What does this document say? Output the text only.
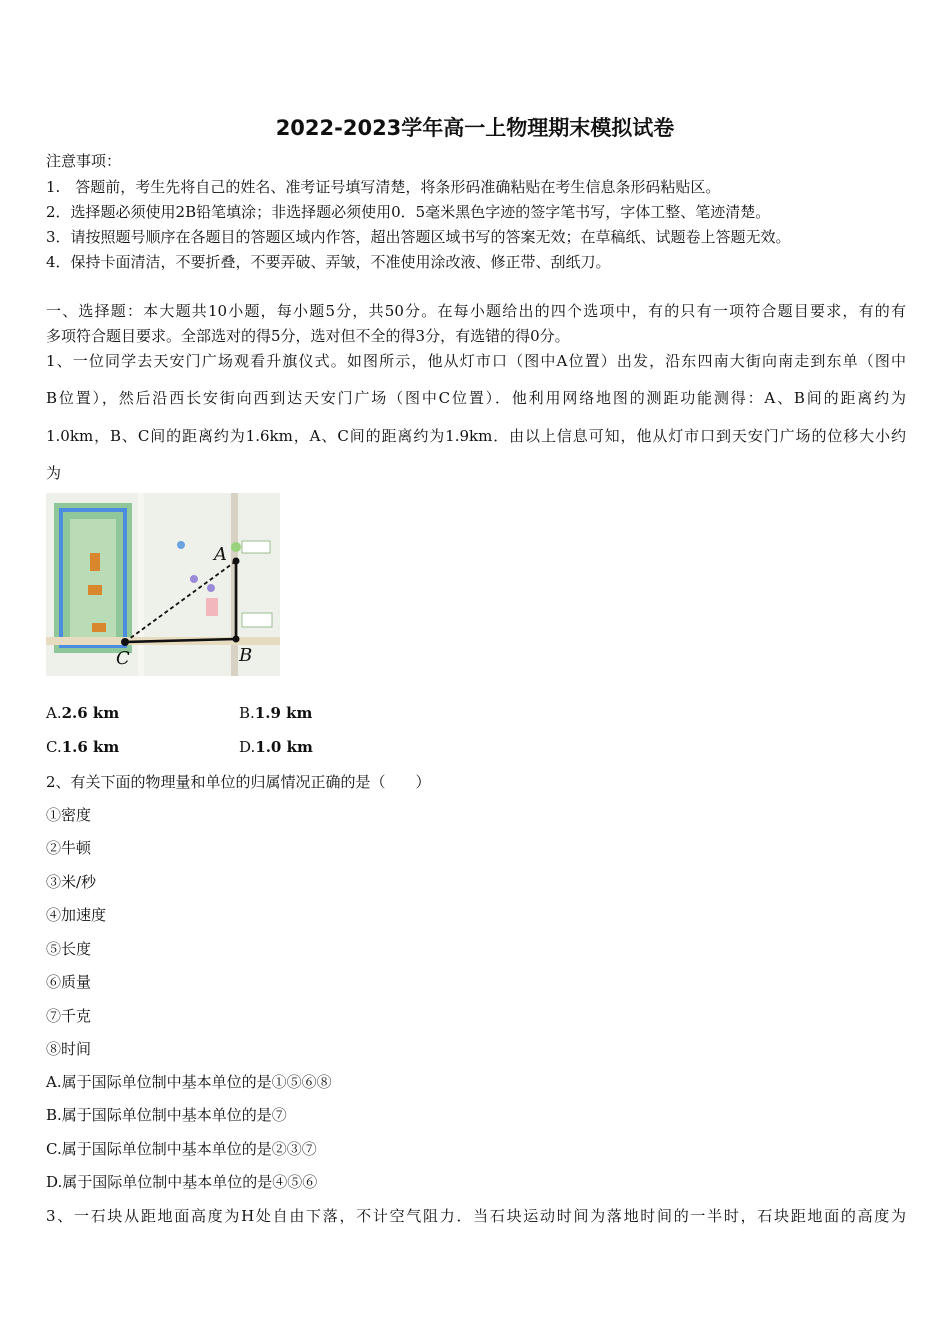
2022-2023学年高一上物理期末模拟试卷
注意事项：
1.　答题前，考生先将自己的姓名、准考证号填写清楚，将条形码准确粘贴在考生信息条形码粘贴区。
2．选择题必须使用2B铅笔填涂；非选择题必须使用0．5毫米黑色字迹的签字笔书写，字体工整、笔迹清楚。
3．请按照题号顺序在各题目的答题区域内作答，超出答题区域书写的答案无效；在草稿纸、试题卷上答题无效。
4．保持卡面清洁，不要折叠，不要弄破、弄皱，不准使用涂改液、修正带、刮纸刀。
一、选择题：本大题共10小题，每小题5分，共50分。在每小题给出的四个选项中，有的只有一项符合题目要求，有的有
多项符合题目要求。全部选对的得5分，选对但不全的得3分，有选错的得0分。
1、一位同学去天安门广场观看升旗仪式。如图所示，他从灯市口（图中A位置）出发，沿东四南大街向南走到东单（图中
B位置），然后沿西长安街向西到达天安门广场（图中C位置）．他利用网络地图的测距功能测得：A、B间的距离约为
1.0km，B、C间的距离约为1.6km，A、C间的距离约为1.9km．由以上信息可知，他从灯市口到天安门广场的位移大小约
为
A
B
C
A.2.6 km	B.1.9 km
C.1.6 km	D.1.0 km
2、有关下面的物理量和单位的归属情况正确的是（　　）
①密度
②牛顿
③米/秒
④加速度
⑤长度
⑥质量
⑦千克
⑧时间
A.属于国际单位制中基本单位的是①⑤⑥⑧
B.属于国际单位制中基本单位的是⑦
C.属于国际单位制中基本单位的是②③⑦
D.属于国际单位制中基本单位的是④⑤⑥
3、一石块从距地面高度为H处自由下落，不计空气阻力．当石块运动时间为落地时间的一半时，石块距地面的高度为
